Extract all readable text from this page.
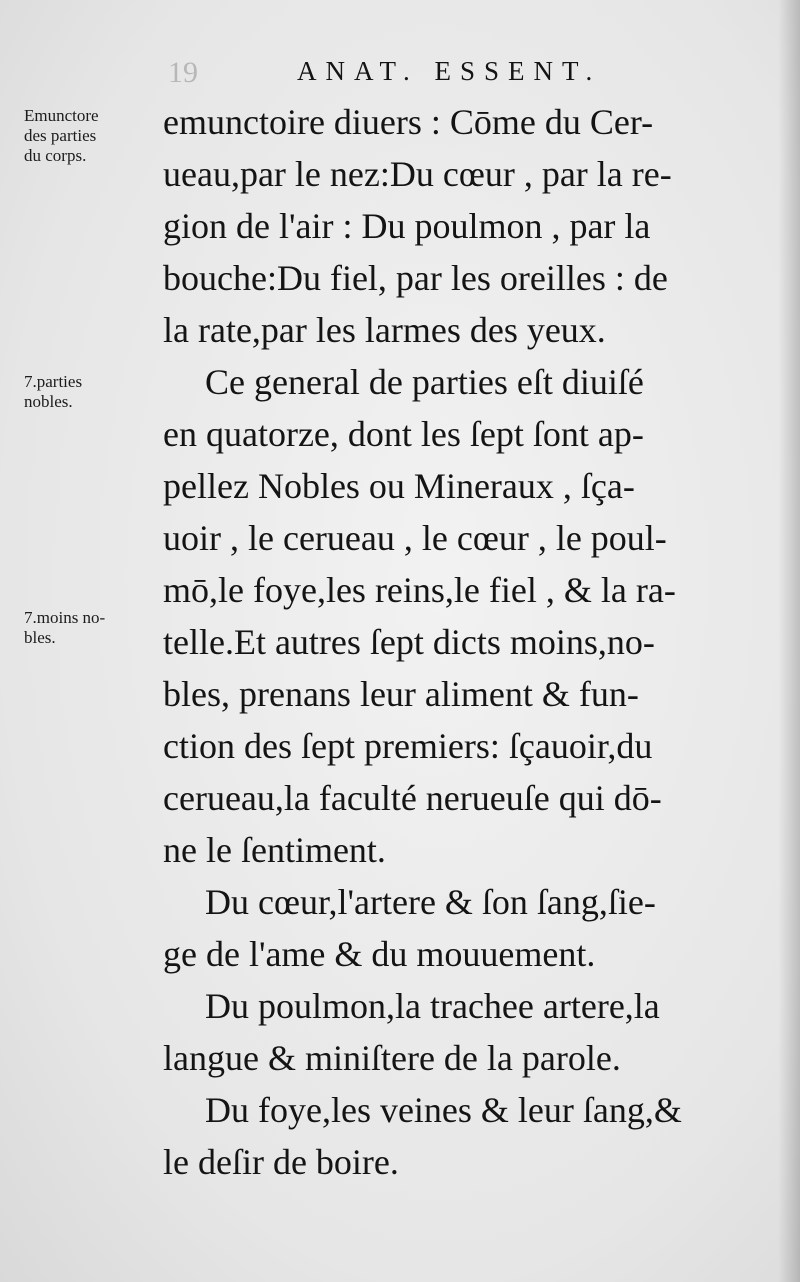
19	ANAT. ESSENT.
Emunctore
des parties
du corps.
7.parties
nobles.
7.moins no-
bles.
emunctoire diuers : Cōme du Cer-
ueau,par le nez:Du cœur , par la re-
gion de l'air : Du poulmon , par la
bouche:Du fiel, par les oreilles : de
la rate,par les larmes des yeux.
Ce general de parties eſt diuiſé
en quatorze, dont les ſept ſont ap-
pellez Nobles ou Mineraux , ſça-
uoir , le cerueau , le cœur , le poul-
mō,le foye,les reins,le fiel , & la ra-
telle.Et autres ſept dicts moins,no-
bles, prenans leur aliment & fun-
ction des ſept premiers: ſçauoir,du
cerueau,la faculté nerueuſe qui dō-
ne le ſentiment.
Du cœur,l'artere & ſon ſang,ſie-
ge de l'ame & du mouuement.
Du poulmon,la trachee artere,la
langue & miniſtere de la parole.
Du foye,les veines & leur ſang,&
le deſir de boire.
